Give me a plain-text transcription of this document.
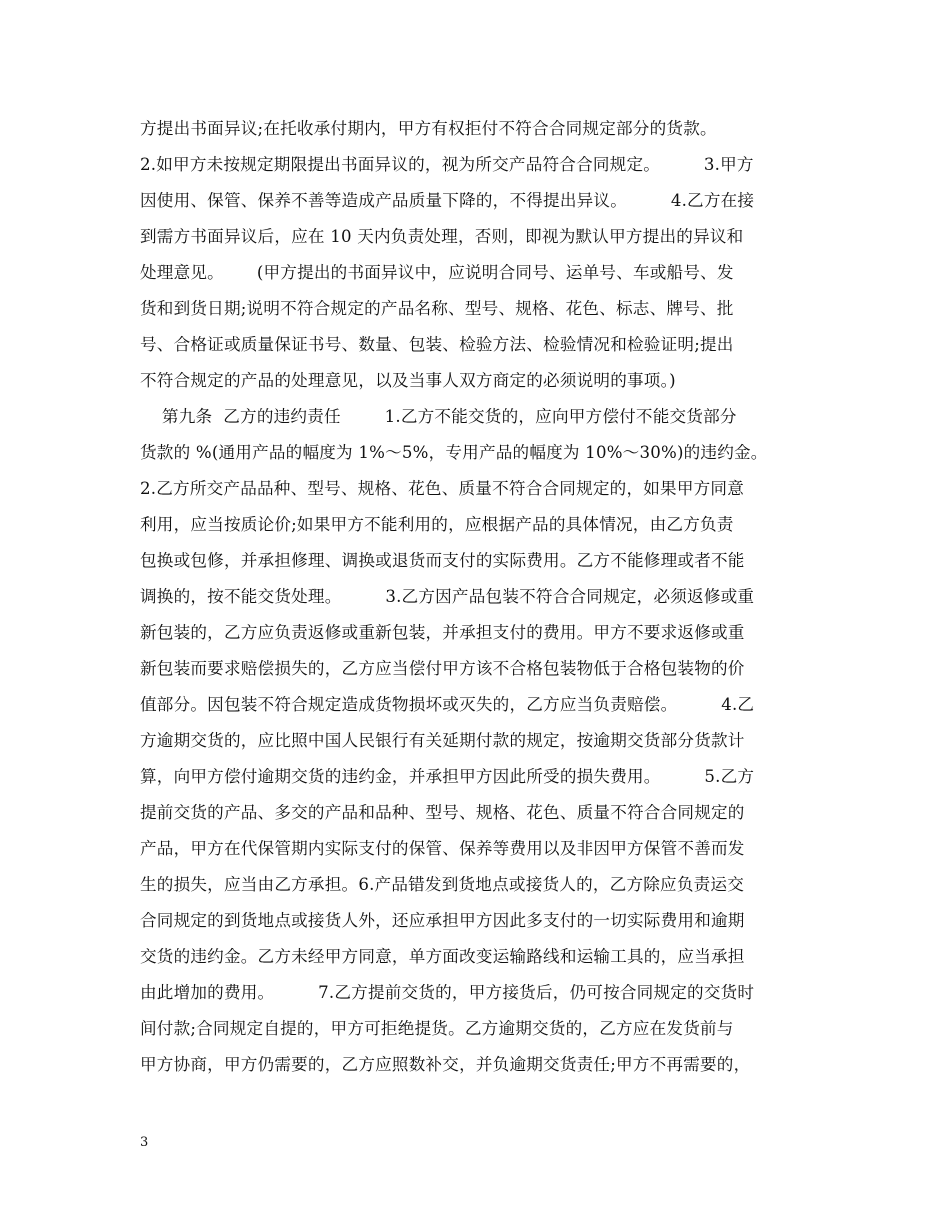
方提出书面异议;在托收承付期内，甲方有权拒付不符合合同规定部分的货款。
2.如甲方未按规定期限提出书面异议的，视为所交产品符合合同规定。        3.甲方
因使用、保管、保养不善等造成产品质量下降的，不得提出异议。        4.乙方在接
到需方书面异议后，应在 10 天内负责处理，否则，即视为默认甲方提出的异议和
处理意见。      (甲方提出的书面异议中，应说明合同号、运单号、车或船号、发
货和到货日期;说明不符合规定的产品名称、型号、规格、花色、标志、牌号、批
号、合格证或质量保证书号、数量、包装、检验方法、检验情况和检验证明;提出
不符合规定的产品的处理意见，以及当事人双方商定的必须说明的事项。)
第九条  乙方的违约责任        1.乙方不能交货的，应向甲方偿付不能交货部分
货款的 %(通用产品的幅度为 1%～5%，专用产品的幅度为 10%～30%)的违约金。
2.乙方所交产品品种、型号、规格、花色、质量不符合合同规定的，如果甲方同意
利用，应当按质论价;如果甲方不能利用的，应根据产品的具体情况，由乙方负责
包换或包修，并承担修理、调换或退货而支付的实际费用。乙方不能修理或者不能
调换的，按不能交货处理。        3.乙方因产品包装不符合合同规定，必须返修或重
新包装的，乙方应负责返修或重新包装，并承担支付的费用。甲方不要求返修或重
新包装而要求赔偿损失的，乙方应当偿付甲方该不合格包装物低于合格包装物的价
值部分。因包装不符合规定造成货物损坏或灭失的，乙方应当负责赔偿。        4.乙
方逾期交货的，应比照中国人民银行有关延期付款的规定，按逾期交货部分货款计
算，向甲方偿付逾期交货的违约金，并承担甲方因此所受的损失费用。        5.乙方
提前交货的产品、多交的产品和品种、型号、规格、花色、质量不符合合同规定的
产品，甲方在代保管期内实际支付的保管、保养等费用以及非因甲方保管不善而发
生的损失，应当由乙方承担。6.产品错发到货地点或接货人的，乙方除应负责运交
合同规定的到货地点或接货人外，还应承担甲方因此多支付的一切实际费用和逾期
交货的违约金。乙方未经甲方同意，单方面改变运输路线和运输工具的，应当承担
由此增加的费用。        7.乙方提前交货的，甲方接货后，仍可按合同规定的交货时
间付款;合同规定自提的，甲方可拒绝提货。乙方逾期交货的，乙方应在发货前与
甲方协商，甲方仍需要的，乙方应照数补交，并负逾期交货责任;甲方不再需要的，
3
